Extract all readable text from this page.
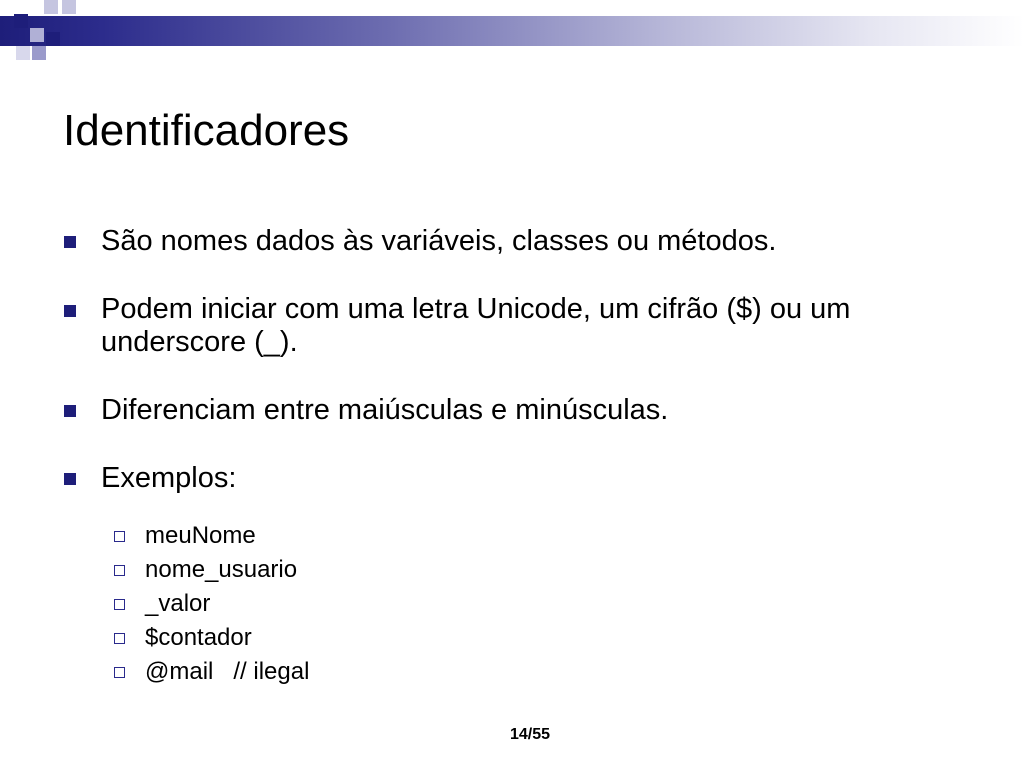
Identificadores

São nomes dados às variáveis, classes ou métodos.

Podem iniciar com uma letra Unicode, um cifrão ($) ou um underscore (_).

Diferenciam entre maiúsculas e minúsculas.

Exemplos:

meuNome

nome_usuario

_valor

$contador

@mail   // ilegal

14/55
